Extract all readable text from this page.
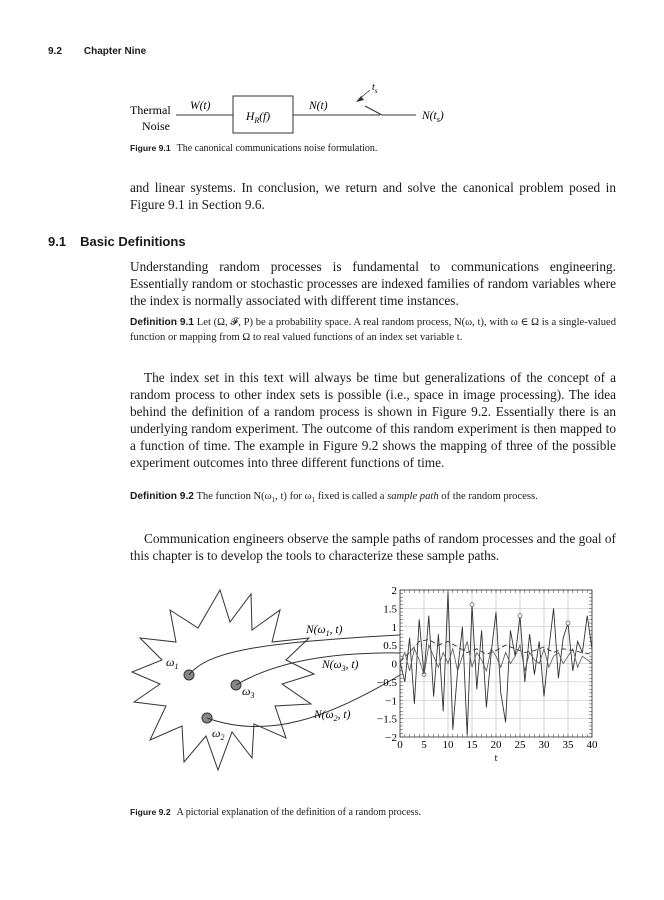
9.2 Chapter Nine
Thermal
Noise
W(t)
$H_R(f)$
N(t)
$t_s$
$N(t_s)$
Figure 9.1 The canonical communications noise formulation.
and linear systems. In conclusion, we return and solve the canonical problem posed in Figure 9.1 in Section 9.6.
9.1 Basic Definitions
Understanding random processes is fundamental to communications engineering. Essentially random or stochastic processes are indexed families of random variables where the index is normally associated with different time instances.
Definition 9.1 Let (Ω, 𝓕, P) be a probability space. A real random process, N(ω, t), with ω ∈ Ω is a single-valued function or mapping from Ω to real valued functions of an index set variable t.
The index set in this text will always be time but generalizations of the concept of a random process to other index sets is possible (i.e., space in image processing). The idea behind the definition of a random process is shown in Figure 9.2. Essentially there is an underlying random experiment. The outcome of this random experiment is then mapped to a function of time. The example in Figure 9.2 shows the mapping of three of the possible experiment outcomes into three different functions of time.
Definition 9.2 The function $N(\omega_1$, t) for $\omega_1$ fixed is called a sample path of the random process.
Communication engineers observe the sample paths of random processes and the goal of this chapter is to develop the tools to characterize these sample paths.
$\omega_1$
$\omega_3$
$\omega_2$
$N(\omega_1$, t)
$N(\omega_3$, t)
$N(\omega_2$, t)
0 5 10 15 20 25 30 35 40
−2
−1.5
−1
−0.5
0
0.5
1
1.5
2
t
Figure 9.2 A pictorial explanation of the definition of a random process.
